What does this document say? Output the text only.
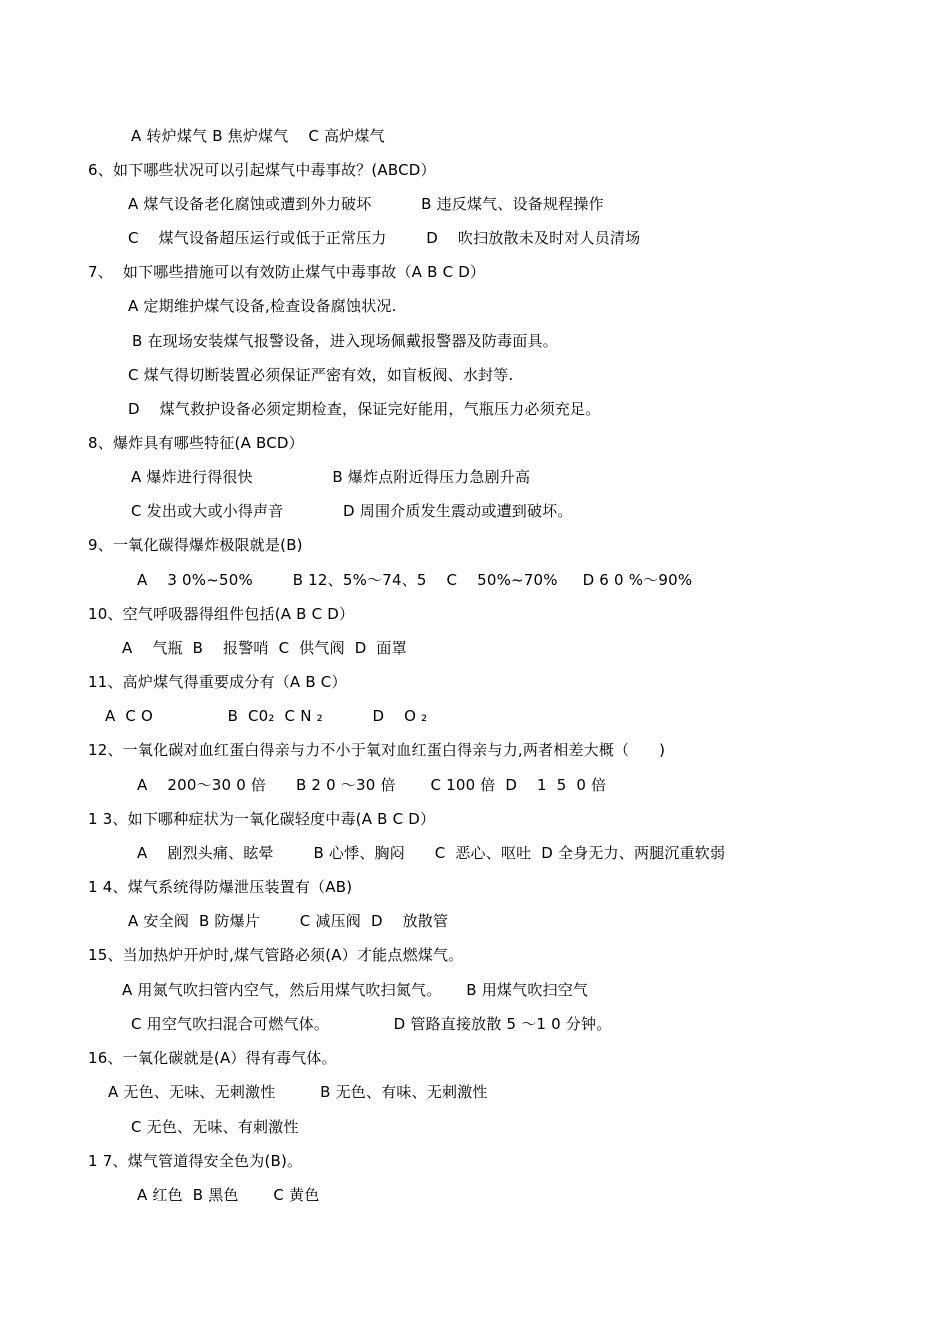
A 转炉煤气 B 焦炉煤气    C 高炉煤气
6、如下哪些状况可以引起煤气中毒事故？(ABCD）
A 煤气设备老化腐蚀或遭到外力破坏          B 违反煤气、设备规程操作
C    煤气设备超压运行或低于正常压力        D    吹扫放散未及时对人员清场
7、  如下哪些措施可以有效防止煤气中毒事故（A B C D）
A 定期维护煤气设备,检查设备腐蚀状况.
B 在现场安装煤气报警设备，进入现场佩戴报警器及防毒面具。
C 煤气得切断装置必须保证严密有效，如盲板阀、水封等.
D    煤气救护设备必须定期检查，保证完好能用，气瓶压力必须充足。
8、爆炸具有哪些特征(A BCD）
A 爆炸进行得很快                B 爆炸点附近得压力急剧升高
C 发出或大或小得声音            D 周围介质发生震动或遭到破坏。
9、一氧化碳得爆炸极限就是(B)
A    3 0%~50%        B 12、5%～74、5    C    50%~70%     D 6 0 %～90%
10、空气呼吸器得组件包括(A B C D）
A    气瓶  B    报警哨  C  供气阀  D  面罩
11、高炉煤气得重要成分有（A B C）
A  C O               B  C0₂  C N ₂          D    O ₂
12、一氧化碳对血红蛋白得亲与力不小于氧对血红蛋白得亲与力,两者相差大概（      )
A    200～30 0 倍      B 2 0 ～30 倍       C 100 倍  D    1  5  0 倍
1 3、如下哪种症状为一氧化碳轻度中毒(A B C D）
A    剧烈头痛、眩晕        B 心悸、胸闷      C  恶心、呕吐  D 全身无力、两腿沉重软弱
1 4、煤气系统得防爆泄压装置有（AB)
A 安全阀  B 防爆片        C 减压阀  D    放散管
15、当加热炉开炉时,煤气管路必须(A）才能点燃煤气。
A 用氮气吹扫管内空气，然后用煤气吹扫氮气。     B 用煤气吹扫空气
C 用空气吹扫混合可燃气体。             D 管路直接放散 5 ～1 0 分钟。
16、一氧化碳就是(A）得有毒气体。
A 无色、无味、无刺激性         B 无色、有味、无刺激性
C 无色、无味、有刺激性
1 7、煤气管道得安全色为(B)。
A 红色  B 黑色       C 黄色
